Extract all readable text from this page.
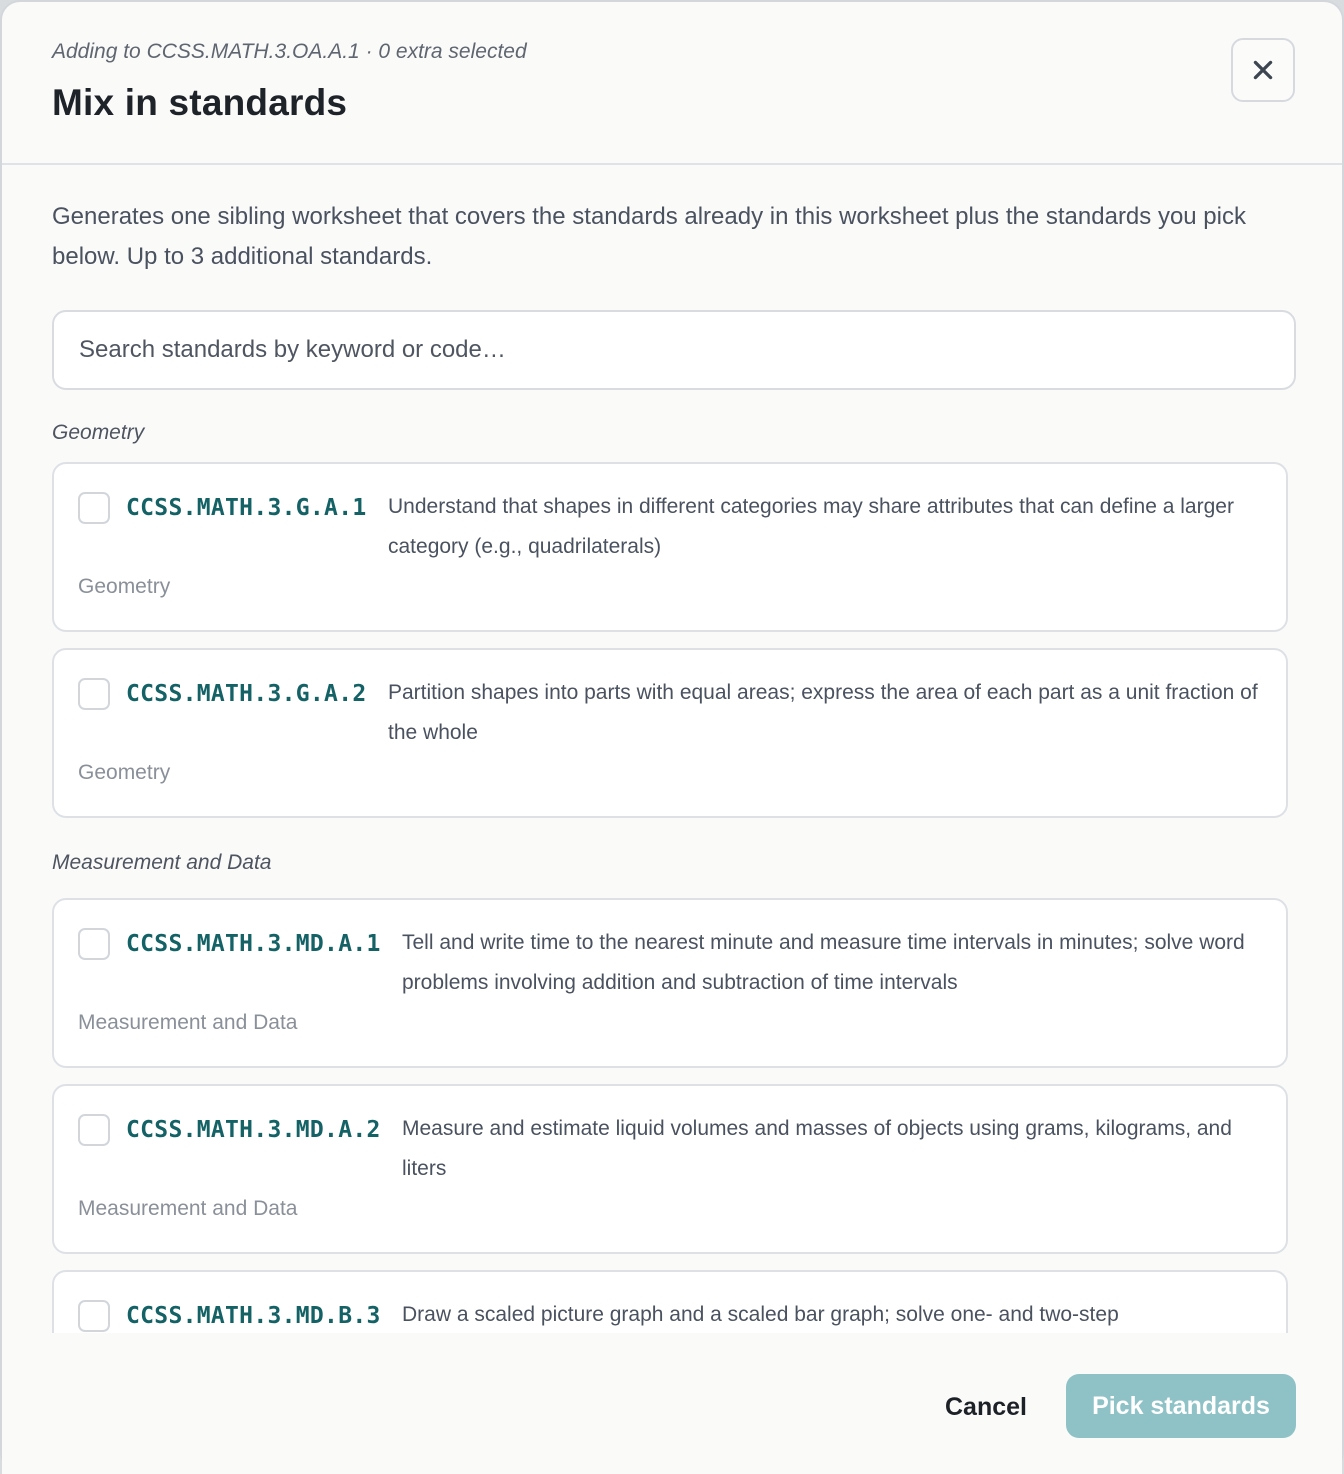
Adding to CCSS.MATH.3.OA.A.1 · 0 extra selected
Mix in standards
Generates one sibling worksheet that covers the standards already in this worksheet plus the standards you pick below. Up to 3 additional standards.
Search standards by keyword or code…
Geometry
CCSS.MATH.3.G.A.1 Understand that shapes in different categories may share attributes that can define a larger category (e.g., quadrilaterals)
Geometry
CCSS.MATH.3.G.A.2 Partition shapes into parts with equal areas; express the area of each part as a unit fraction of the whole
Geometry
Measurement and Data
CCSS.MATH.3.MD.A.1 Tell and write time to the nearest minute and measure time intervals in minutes; solve word problems involving addition and subtraction of time intervals
Measurement and Data
CCSS.MATH.3.MD.A.2 Measure and estimate liquid volumes and masses of objects using grams, kilograms, and liters
Measurement and Data
CCSS.MATH.3.MD.B.3 Draw a scaled picture graph and a scaled bar graph; solve one- and two-step
Cancel	Pick standards
